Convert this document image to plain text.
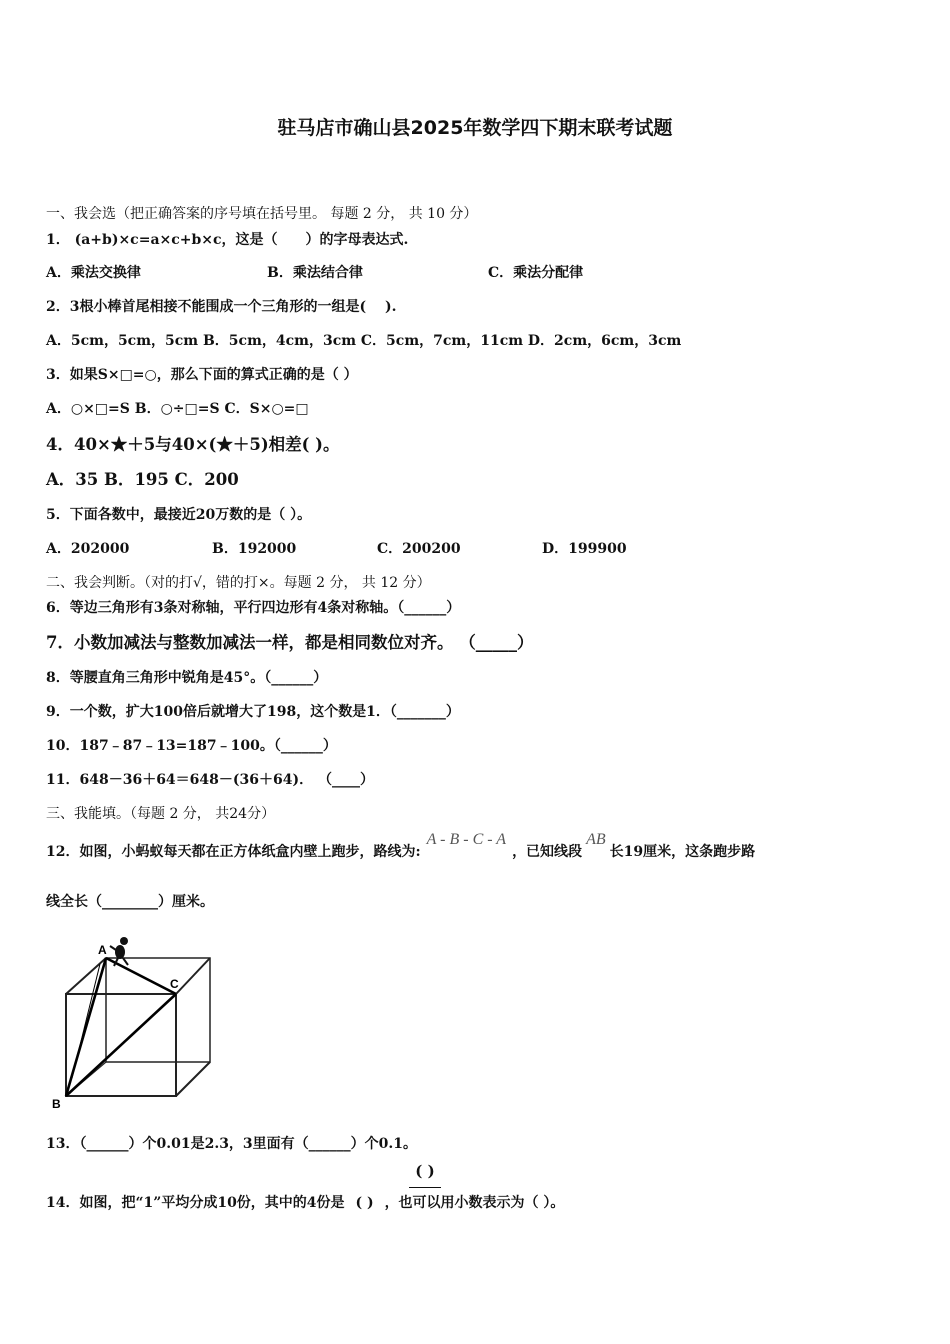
驻马店市确山县2025年数学四下期末联考试题
一、我会选（把正确答案的序号填在括号里。 每题 2 分， 共 10 分）
1． (a+b)×c=a×c+b×c，这是（　　）的字母表达式.
A．乘法交换律	B．乘法结合律	C．乘法分配律
2．3根小棒首尾相接不能围成一个三角形的一组是(　 ).
A．5cm，5cm，5cm B．5cm，4cm，3cm C．5cm，7cm，11cm D．2cm，6cm，3cm
3．如果S×□=○，那么下面的算式正确的是（ ）
A．○×□=S B．○÷□=S C．S×○=□
4．40×★＋5与40×(★＋5)相差( )。
A．35 B．195 C．200
5．下面各数中，最接近20万数的是（ ）。
A．202000	B．192000	C．200200	D．199900
二、我会判断。（对的打√，错的打×。每题 2 分， 共 12 分）
6．等边三角形有3条对称轴，平行四边形有4条对称轴。（______）
7．小数加减法与整数加减法一样，都是相同数位对齐。 （_____）
8．等腰直角三角形中锐角是45°。（______）
9．一个数，扩大100倍后就增大了198，这个数是1．（_______）
10．187﹣87﹣13=187﹣100。（______）
11．648－36＋64＝648－(36＋64)． （____）
三、我能填。（每题 2 分， 共24分）
12．如图，小蚂蚁每天都在正方体纸盒内壁上跑步，路线为:A - B - C - A，已知线段AB长19厘米，这条跑步路
线全长（________）厘米。
A
C
B
13．（______）个0.01是2.3，3里面有（______）个0.1。
( )
14．如图，把“1”平均分成10份，其中的4份是 ( ) ，也可以用小数表示为（ ）。
